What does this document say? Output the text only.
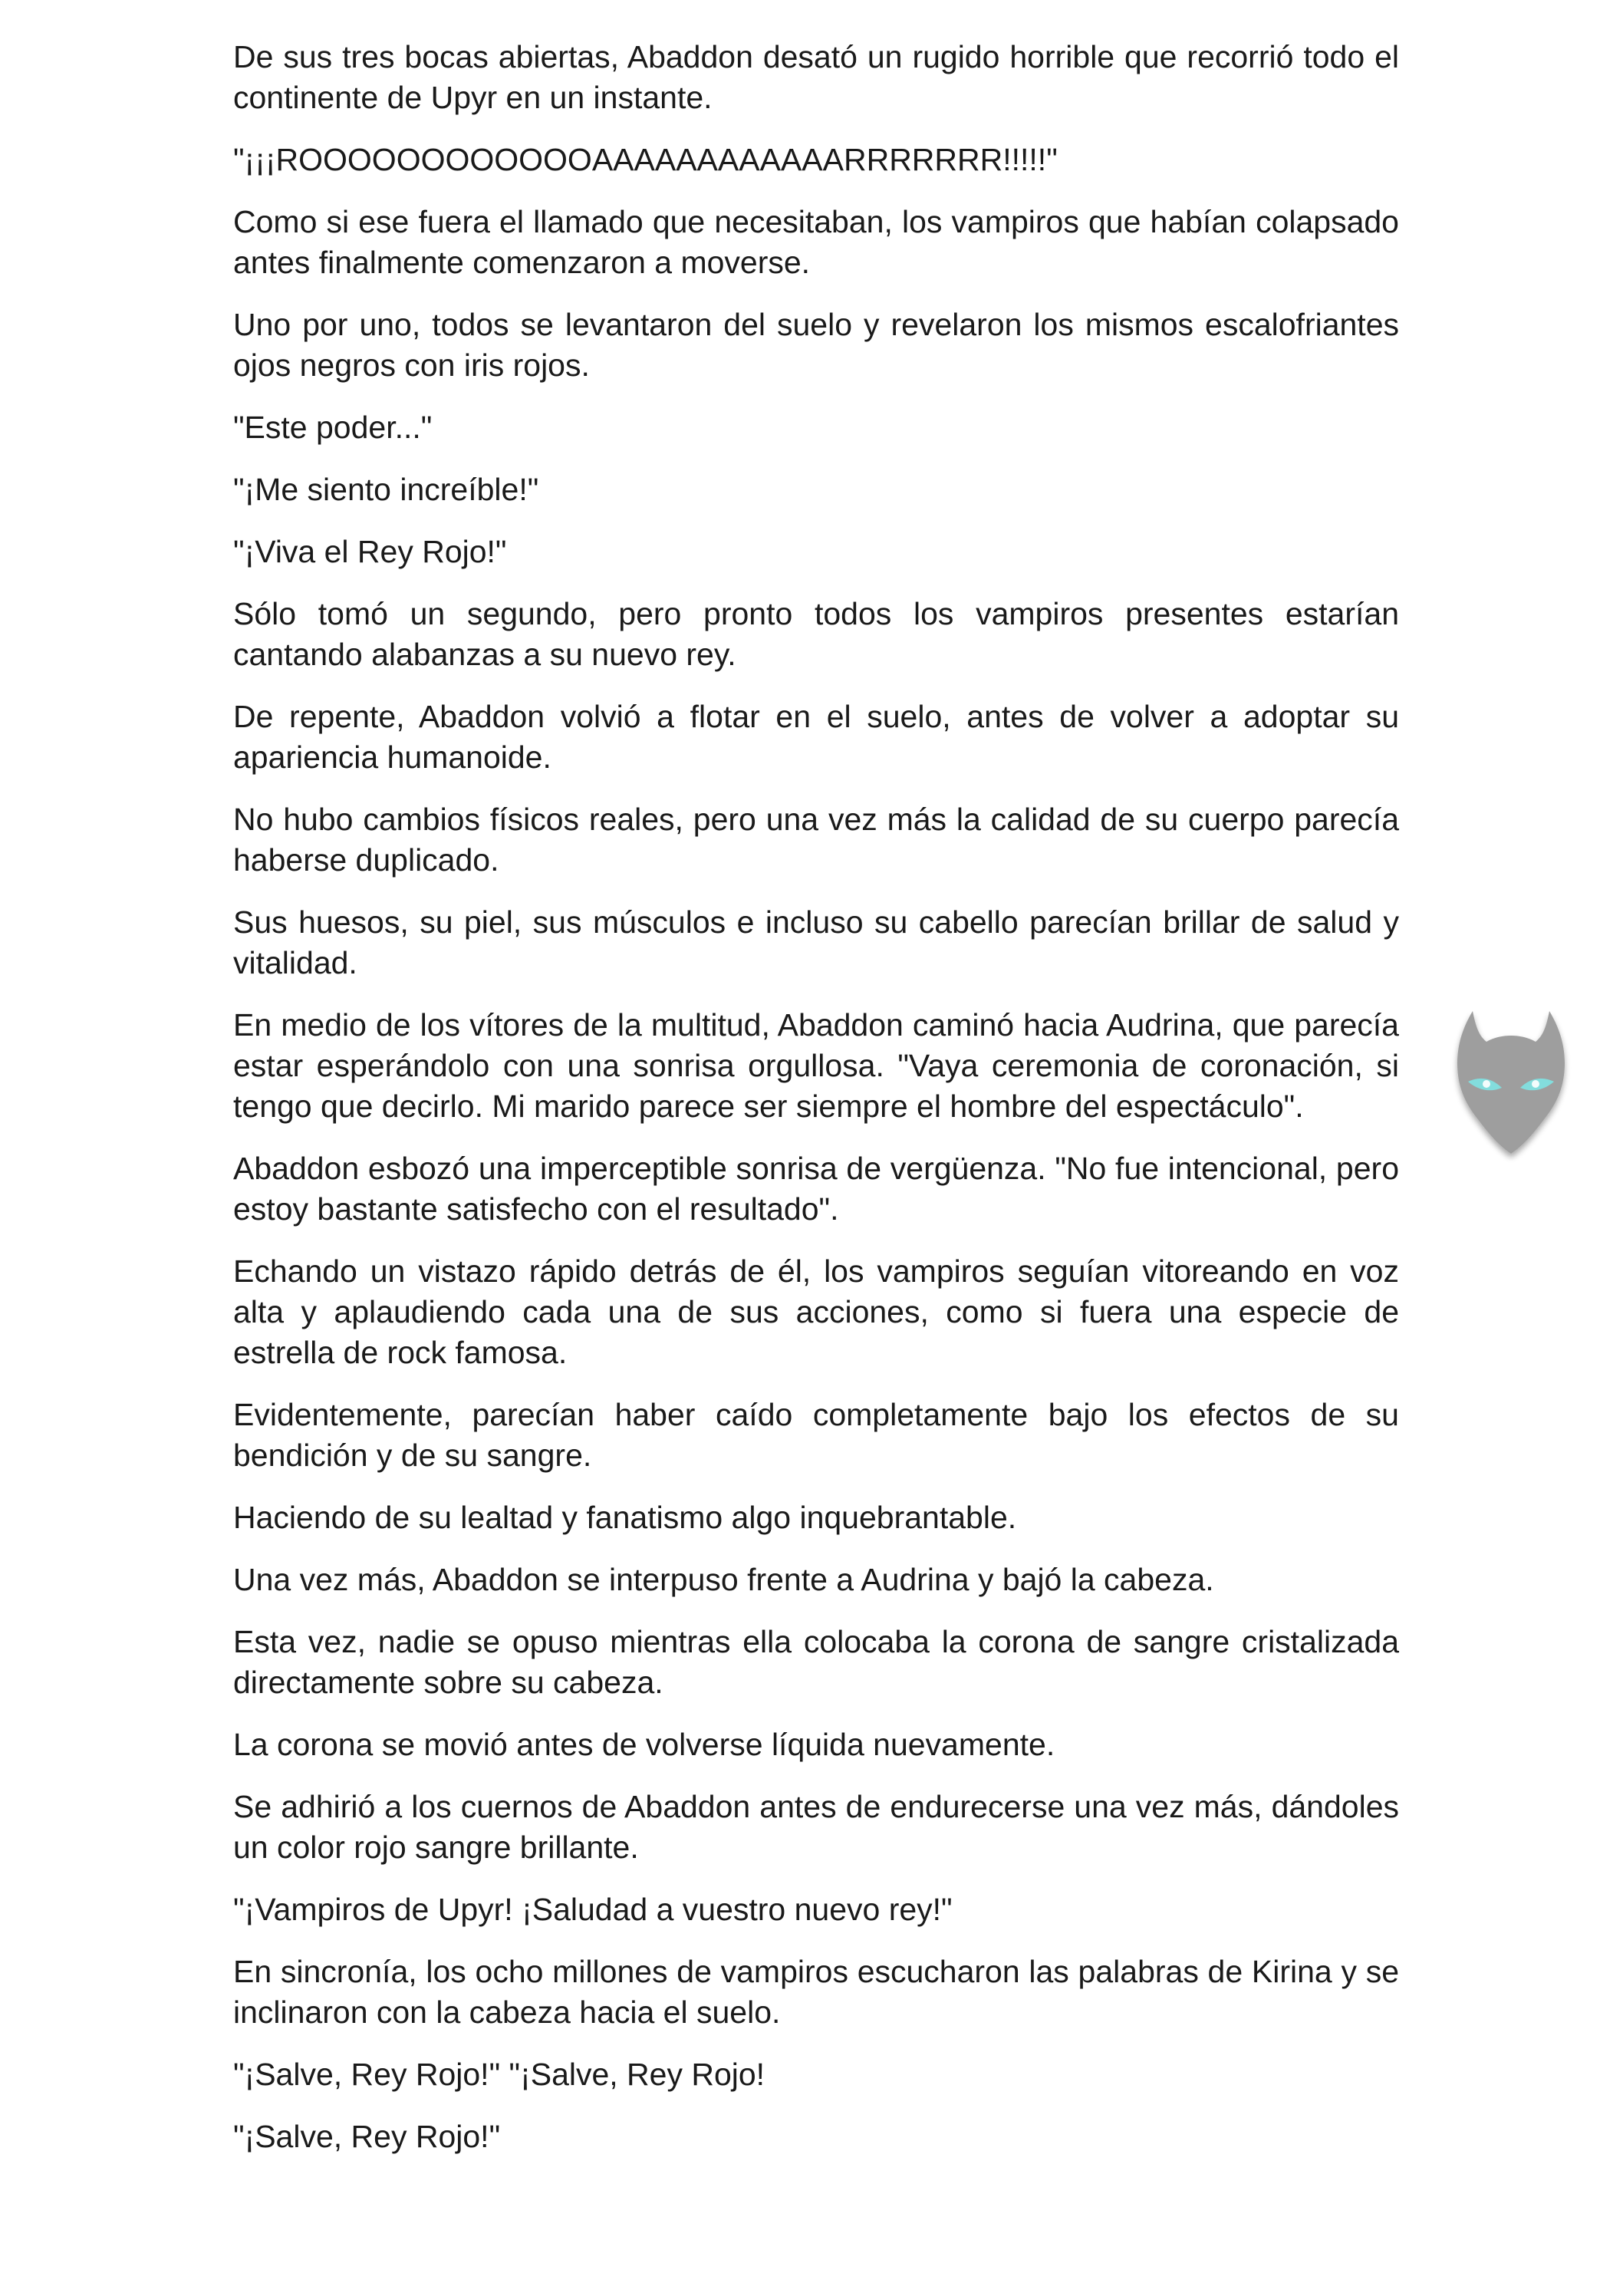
De sus tres bocas abiertas, Abaddon desató un rugido horrible que recorrió todo el continente de Upyr en un instante.

"¡¡¡ROOOOOOOOOOOOAAAAAAAAAAAARRRRRRR!!!!!"

Como si ese fuera el llamado que necesitaban, los vampiros que habían colapsado antes finalmente comenzaron a moverse.

Uno por uno, todos se levantaron del suelo y revelaron los mismos escalofriantes ojos negros con iris rojos.

"Este poder..."

"¡Me siento increíble!"

"¡Viva el Rey Rojo!"

Sólo tomó un segundo, pero pronto todos los vampiros presentes estarían cantando alabanzas a su nuevo rey.

De repente, Abaddon volvió a flotar en el suelo, antes de volver a adoptar su apariencia humanoide.

No hubo cambios físicos reales, pero una vez más la calidad de su cuerpo parecía haberse duplicado.

Sus huesos, su piel, sus músculos e incluso su cabello parecían brillar de salud y vitalidad.

En medio de los vítores de la multitud, Abaddon caminó hacia Audrina, que parecía estar esperándolo con una sonrisa orgullosa. "Vaya ceremonia de coronación, si tengo que decirlo. Mi marido parece ser siempre el hombre del espectáculo".

Abaddon esbozó una imperceptible sonrisa de vergüenza. "No fue intencional, pero estoy bastante satisfecho con el resultado".

Echando un vistazo rápido detrás de él, los vampiros seguían vitoreando en voz alta y aplaudiendo cada una de sus acciones, como si fuera una especie de estrella de rock famosa.

Evidentemente, parecían haber caído completamente bajo los efectos de su bendición y de su sangre.

Haciendo de su lealtad y fanatismo algo inquebrantable.

Una vez más, Abaddon se interpuso frente a Audrina y bajó la cabeza.

Esta vez, nadie se opuso mientras ella colocaba la corona de sangre cristalizada directamente sobre su cabeza.

La corona se movió antes de volverse líquida nuevamente.

Se adhirió a los cuernos de Abaddon antes de endurecerse una vez más, dándoles un color rojo sangre brillante.

"¡Vampiros de Upyr! ¡Saludad a vuestro nuevo rey!"

En sincronía, los ocho millones de vampiros escucharon las palabras de Kirina y se inclinaron con la cabeza hacia el suelo.

"¡Salve, Rey Rojo!" "¡Salve, Rey Rojo!

"¡Salve, Rey Rojo!"
